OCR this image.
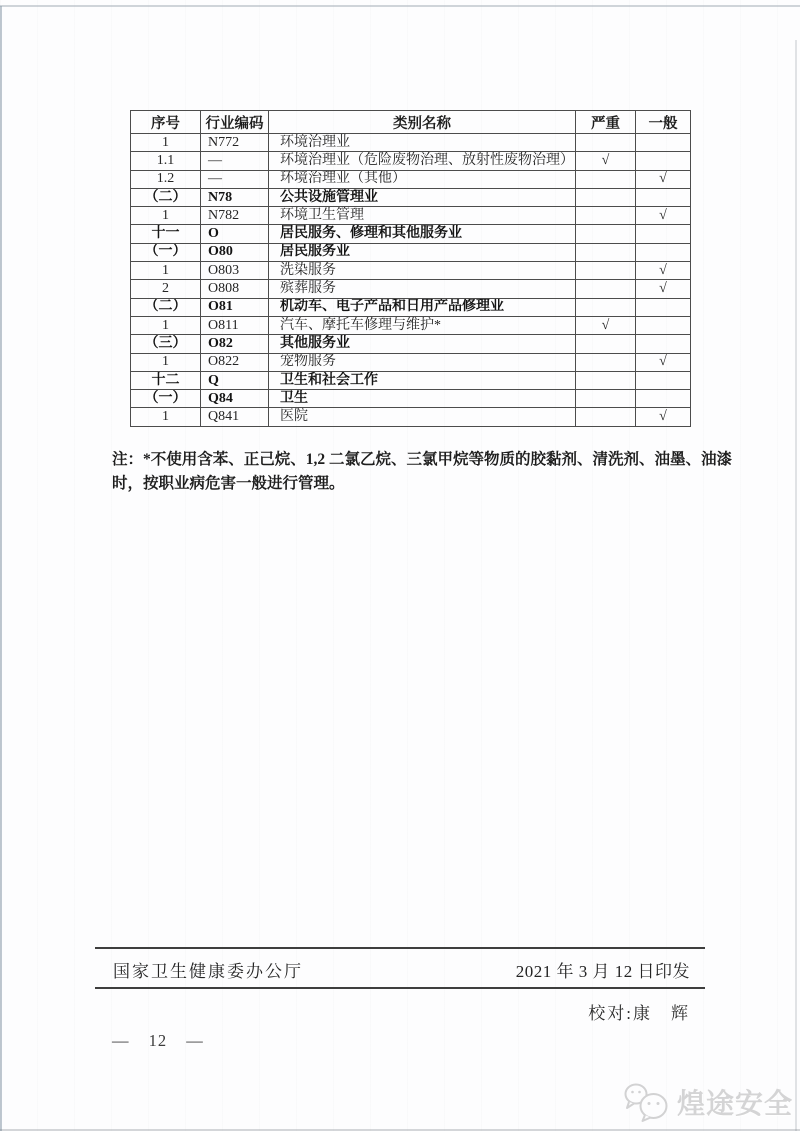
序号	行业编码	类别名称	严重	一般
1	N772	环境治理业		
1.1	—	环境治理业（危险废物治理、放射性废物治理）	√	
1.2	—	环境治理业（其他）		√
（二）	N78	公共设施管理业		
1	N782	环境卫生管理		√
十一	O	居民服务、修理和其他服务业		
（一）	O80	居民服务业		
1	O803	洗染服务		√
2	O808	殡葬服务		√
（二）	O81	机动车、电子产品和日用产品修理业		
1	O811	汽车、摩托车修理与维护*	√	
（三）	O82	其他服务业		
1	O822	宠物服务		√
十二	Q	卫生和社会工作		
（一）	Q84	卫生		
1	Q841	医院		√

注：*不使用含苯、正己烷、1,2 二氯乙烷、三氯甲烷等物质的胶黏剂、清洗剂、油墨、油漆
时，按职业病危害一般进行管理。

国家卫生健康委办公厅	2021 年 3 月 12 日印发
校对:康　辉
— 12 —
煌途安全
